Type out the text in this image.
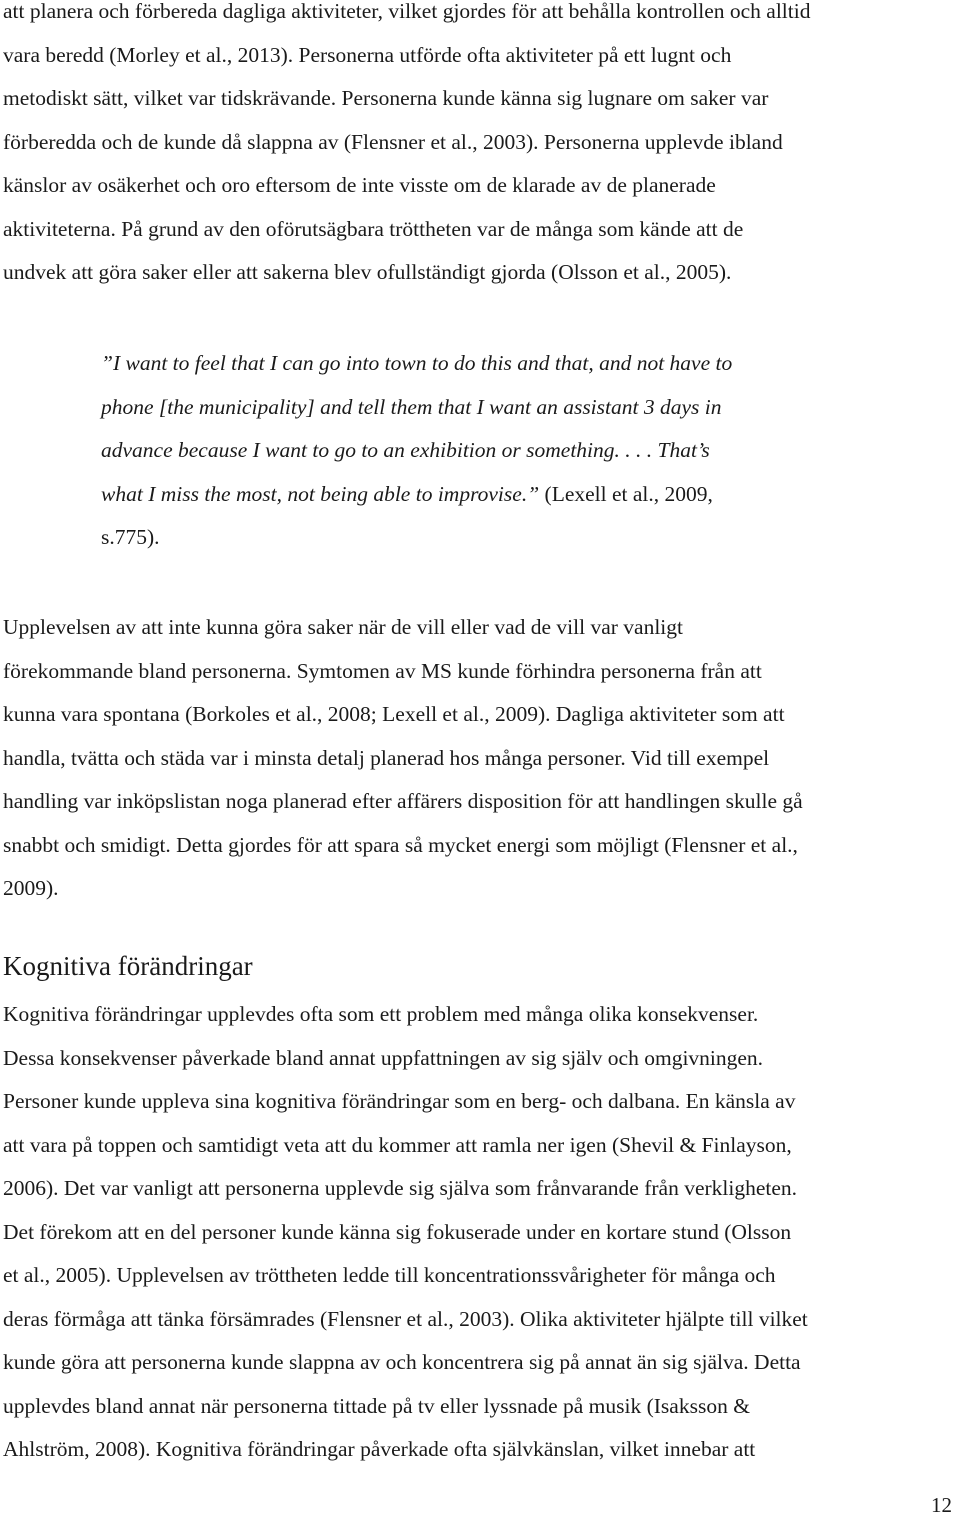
att planera och förbereda dagliga aktiviteter, vilket gjordes för att behålla kontrollen och alltid
vara beredd (Morley et al., 2013). Personerna utförde ofta aktiviteter på ett lugnt och
metodiskt sätt, vilket var tidskrävande. Personerna kunde känna sig lugnare om saker var
förberedda och de kunde då slappna av (Flensner et al., 2003). Personerna upplevde ibland
känslor av osäkerhet och oro eftersom de inte visste om de klarade av de planerade
aktiviteterna. På grund av den oförutsägbara tröttheten var de många som kände att de
undvek att göra saker eller att sakerna blev ofullständigt gjorda (Olsson et al., 2005).

”I want to feel that I can go into town to do this and that, and not have to
phone [the municipality] and tell them that I want an assistant 3 days in
advance because I want to go to an exhibition or something. . . . That’s
what I miss the most, not being able to improvise.” (Lexell et al., 2009,
s.775).

Upplevelsen av att inte kunna göra saker när de vill eller vad de vill var vanligt
förekommande bland personerna. Symtomen av MS kunde förhindra personerna från att
kunna vara spontana (Borkoles et al., 2008; Lexell et al., 2009). Dagliga aktiviteter som att
handla, tvätta och städa var i minsta detalj planerad hos många personer. Vid till exempel
handling var inköpslistan noga planerad efter affärers disposition för att handlingen skulle gå
snabbt och smidigt. Detta gjordes för att spara så mycket energi som möjligt (Flensner et al.,
2009).

Kognitiva förändringar

Kognitiva förändringar upplevdes ofta som ett problem med många olika konsekvenser.
Dessa konsekvenser påverkade bland annat uppfattningen av sig själv och omgivningen.
Personer kunde uppleva sina kognitiva förändringar som en berg- och dalbana. En känsla av
att vara på toppen och samtidigt veta att du kommer att ramla ner igen (Shevil & Finlayson,
2006). Det var vanligt att personerna upplevde sig själva som frånvarande från verkligheten.
Det förekom att en del personer kunde känna sig fokuserade under en kortare stund (Olsson
et al., 2005). Upplevelsen av tröttheten ledde till koncentrationssvårigheter för många och
deras förmåga att tänka försämrades (Flensner et al., 2003). Olika aktiviteter hjälpte till vilket
kunde göra att personerna kunde slappna av och koncentrera sig på annat än sig själva. Detta
upplevdes bland annat när personerna tittade på tv eller lyssnade på musik (Isaksson &
Ahlström, 2008). Kognitiva förändringar påverkade ofta självkänslan, vilket innebar att

12
